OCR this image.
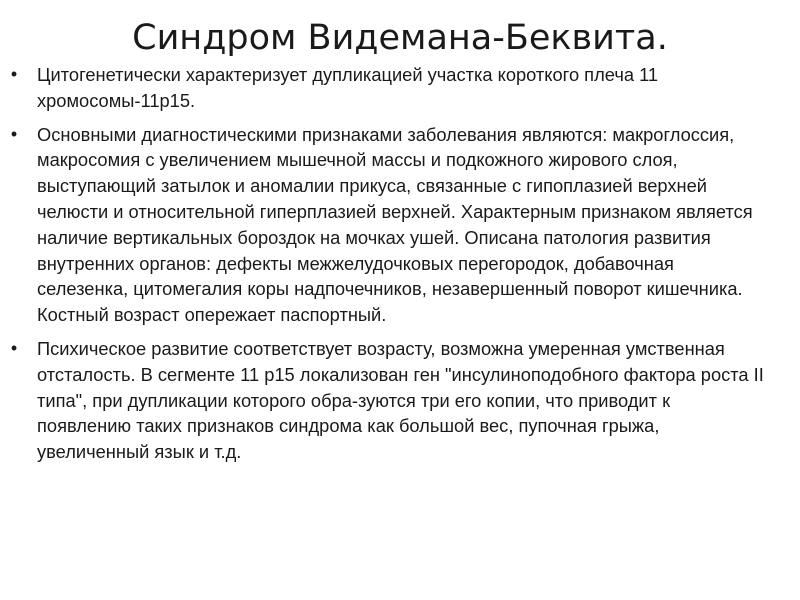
Синдром Видемана-Беквита.
• Цитогенетически характеризует дупликацией участка короткого плеча 11 хромосомы-11p15.
• Основными диагностическими признаками заболевания являются: макроглоссия, макросомия с увеличением мышечной массы и подкожного жирового слоя, выступающий затылок и аномалии прикуса, связанные с гипоплазией верхней челюсти и относительной гиперплазией верхней. Характерным признаком является наличие вертикальных бороздок на мочках ушей. Описана патология развития внутренних органов: дефекты межжелудочковых перегородок, добавочная селезенка, цитомегалия коры надпочечников, незавершенный поворот кишечника. Костный возраст опережает паспортный.
• Психическое развитие соответствует возрасту, возможна умеренная умственная отсталость. В сегменте 11 р15 локализован ген "инсулиноподобного фактора роста II типа", при дупликации которого обра-зуются три его копии, что приводит к появлению таких признаков синдрома как большой вес, пупочная грыжа, увеличенный язык и т.д.
